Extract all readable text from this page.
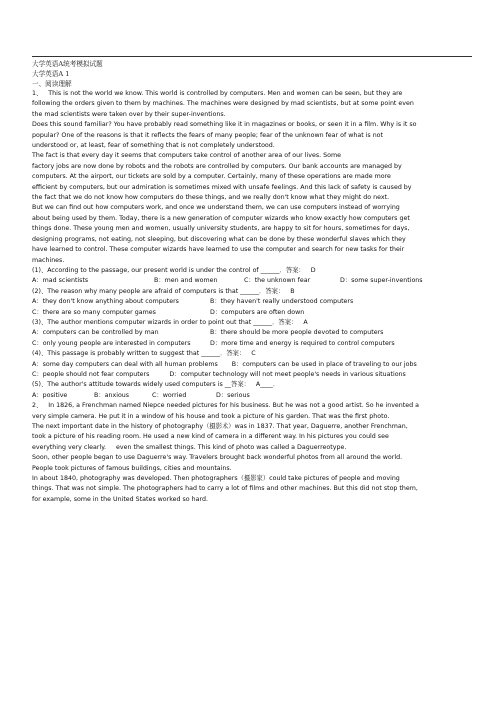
大学英语A统考模拟试题
大学英语A 1
一、阅读理解
1、   This is not the world we know. This world is controlled by computers. Men and women can be seen, but they are
following the orders given to them by machines. The machines were designed by mad scientists, but at some point even
the mad scientists were taken over by their super-inventions.
Does this sound familiar? You have probably read something like it in magazines or books, or seen it in a film. Why is it so
popular? One of the reasons is that it reflects the fears of many people; fear of the unknown fear of what is not
understood or, at least, fear of something that is not completely understood.
The fact is that every day it seems that computers take control of another area of our lives. Some
factory jobs are now done by robots and the robots are controlled by computers. Our bank accounts are managed by
computers. At the airport, our tickets are sold by a computer. Certainly, many of these operations are made more
efficient by computers, but our admiration is sometimes mixed with unsafe feelings. And this lack of safety is caused by
the fact that we do not know how computers do these things, and we really don't know what they might do next.
But we can find out how computers work, and once we understand them, we can use computers instead of worrying
about being used by them. Today, there is a new generation of computer wizards who know exactly how computers get
things done. These young men and women, usually university students, are happy to sit for hours, sometimes for days,
designing programs, not eating, not sleeping, but discovering what can be done by these wonderful slaves which they
have learned to control. These computer wizards have learned to use the computer and search for new tasks for their
machines.
(1)、According to the passage, our present world is under the control of ______．答案：   D
A：mad scientists	B：men and women	C：the unknown fear	D：some super-inventions
(2)、The reason why many people are afraid of computers is that ______．答案：   B
A：they don't know anything about computers	B：they haven't really understood computers
C：there are so many computer games	D：computers are often down
(3)、The author mentions computer wizards in order to point out that ______．答案：   A
A：computers can be controlled by man	B：there should be more people devoted to computers
C：only young people are interested in computers	D：more time and energy is required to control computers
(4)、This passage is probably written to suggest that ______．答案：   C
A：some day computers can deal with all human problems       B：computers can be used in place of traveling to our jobs
C：people should not fear computers          D：computer technology will not meet people's needs in various situations
(5)、The author's attitude towards widely used computers is __答案：   A____．
A：positive	B：anxious	C：worried	D：serious
2、   In 1826, a Frenchman named Niepce needed pictures for his business. But he was not a good artist. So he invented a
very simple camera. He put it in a window of his house and took a picture of his garden. That was the first photo.
The next important date in the history of photography（摄影术）was in 1837. That year, Daguerre, another Frenchman,
took a picture of his reading room. He used a new kind of camera in a different way. In his pictures you could see
everything very clearly.     even the smallest things. This kind of photo was called a Daguerreotype.
Soon, other people began to use Daguerre's way. Travelers brought back wonderful photos from all around the world.
People took pictures of famous buildings, cities and mountains.
In about 1840, photography was developed. Then photographers（摄影家）could take pictures of people and moving
things. That was not simple. The photographers had to carry a lot of films and other machines. But this did not stop them,
for example, some in the United States worked so hard.
